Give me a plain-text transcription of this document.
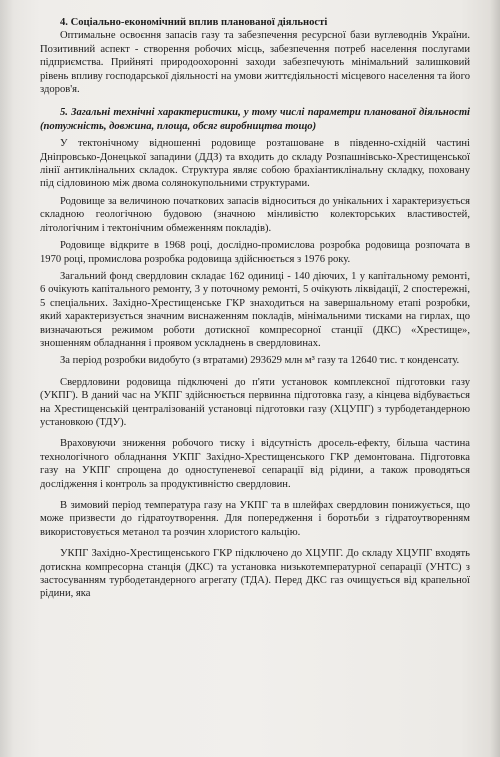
4. Соціально-економічний вплив планованої діяльності

Оптимальне освоєння запасів газу та забезпечення ресурсної бази вуглеводнів України. Позитивний аспект - створення робочих місць, забезпечення потреб населення послугами підприємства. Прийняті природоохоронні заходи забезпечують мінімальний залишковий рівень впливу господарської діяльності на умови життєдіяльності місцевого населення та його здоров'я.

5. Загальні технічні характеристики, у тому числі параметри планованої діяльності (потужність, довжина, площа, обсяг виробництва тощо)

У тектонічному відношенні родовище розташоване в південно-східній частині Дніпровсько-Донецької западини (ДДЗ) та входить до складу Розпашнівсько-Хрестищенської лінії антиклінальних складок. Структура являє собою брахіантиклінальну складку, поховану під сідловиною між двома солянокупольними структурами.

Родовище за величиною початкових запасів відноситься до унікальних і характеризується складною геологічною будовою (значною мінливістю колекторських властивостей, літологічним і тектонічним обмеженням покладів).

Родовище відкрите в 1968 році, дослідно-промислова розробка родовища розпочата в 1970 році, промислова розробка родовища здійснюється з 1976 року.

Загальний фонд свердловин складає 162 одиниці - 140 діючих, 1 у капітальному ремонті, 6 очікують капітального ремонту, 3 у поточному ремонті, 5 очікують ліквідації, 2 спостережні, 5 спеціальних. Західно-Хрестищенське ГКР знаходиться на завершальному етапі розробки, який характеризується значним виснаженням покладів, мінімальними тисками на гирлах, що визначаються режимом роботи дотискної компресорної станції (ДКС) «Хрестище», зношенням обладнання і проявом ускладнень в свердловинах.

За період розробки видобуто (з втратами) 293629 млн м³ газу та 12640 тис. т конденсату.

Свердловини родовища підключені до п'яти установок комплексної підготовки газу (УКПГ). В даний час на УКПГ здійснюється первинна підготовка газу, а кінцева відбувається на Хрестищенській централізованій установці підготовки газу (ХЦУПГ) з турбодетандерною установкою (ТДУ).

Враховуючи зниження робочого тиску і відсутність дросель-ефекту, більша частина технологічного обладнання УКПГ Західно-Хрестищенського ГКР демонтована. Підготовка газу на УКПГ спрощена до одноступеневої сепарації від рідини, а також проводяться дослідження і контроль за продуктивністю свердловин.

В зимовий період температура газу на УКПГ та в шлейфах свердловин понижується, що може призвести до гідратоутворення. Для попередження і боротьби з гідратоутворенням використовується метанол та розчин хлористого кальцію.

УКПГ Західно-Хрестищенського ГКР підключено до ХЦУПГ. До складу ХЦУПГ входять дотискна компресорна станція (ДКС) та установка низькотемпературної сепарації (УНТС) з застосуванням турбодетандерного агрегату (ТДА). Перед ДКС газ очищується від крапельної рідини, яка
